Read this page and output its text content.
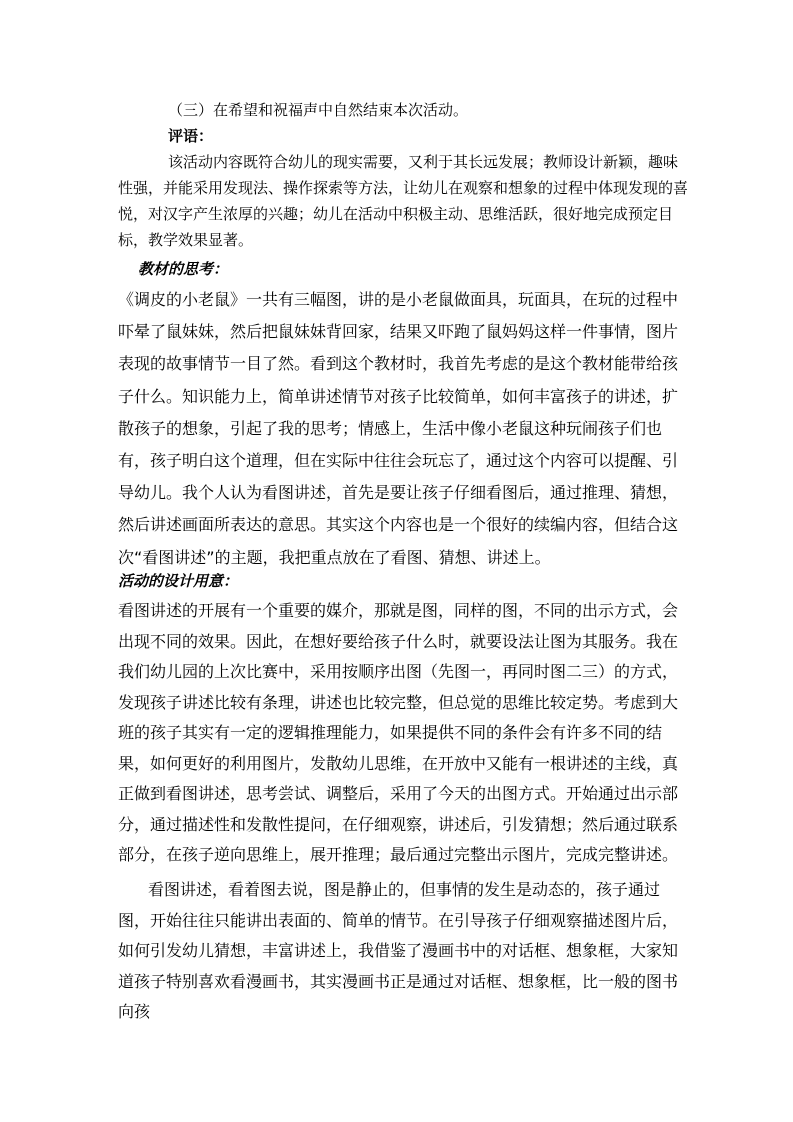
（三）在希望和祝福声中自然结束本次活动。

评语：

该活动内容既符合幼儿的现实需要，又利于其长远发展；教师设计新颖，趣味性强，并能采用发现法、操作探索等方法，让幼儿在观察和想象的过程中体现发现的喜悦，对汉字产生浓厚的兴趣；幼儿在活动中积极主动、思维活跃，很好地完成预定目标，教学效果显著。

教材的思考：

《调皮的小老鼠》一共有三幅图，讲的是小老鼠做面具，玩面具，在玩的过程中吓晕了鼠妹妹，然后把鼠妹妹背回家，结果又吓跑了鼠妈妈这样一件事情，图片表现的故事情节一目了然。看到这个教材时，我首先考虑的是这个教材能带给孩子什么。知识能力上，简单讲述情节对孩子比较简单，如何丰富孩子的讲述，扩散孩子的想象，引起了我的思考；情感上，生活中像小老鼠这种玩闹孩子们也有，孩子明白这个道理，但在实际中往往会玩忘了，通过这个内容可以提醒、引导幼儿。我个人认为看图讲述，首先是要让孩子仔细看图后，通过推理、猜想，然后讲述画面所表达的意思。其实这个内容也是一个很好的续编内容，但结合这次“看图讲述”的主题，我把重点放在了看图、猜想、讲述上。

活动的设计用意：

看图讲述的开展有一个重要的媒介，那就是图，同样的图，不同的出示方式，会出现不同的效果。因此，在想好要给孩子什么时，就要设法让图为其服务。我在我们幼儿园的上次比赛中，采用按顺序出图（先图一，再同时图二三）的方式，发现孩子讲述比较有条理，讲述也比较完整，但总觉的思维比较定势。考虑到大班的孩子其实有一定的逻辑推理能力，如果提供不同的条件会有许多不同的结果，如何更好的利用图片，发散幼儿思维，在开放中又能有一根讲述的主线，真正做到看图讲述，思考尝试、调整后，采用了今天的出图方式。开始通过出示部分，通过描述性和发散性提问，在仔细观察，讲述后，引发猜想；然后通过联系部分，在孩子逆向思维上，展开推理；最后通过完整出示图片，完成完整讲述。

看图讲述，看着图去说，图是静止的，但事情的发生是动态的，孩子通过图，开始往往只能讲出表面的、简单的情节。在引导孩子仔细观察描述图片后，如何引发幼儿猜想，丰富讲述上，我借鉴了漫画书中的对话框、想象框，大家知道孩子特别喜欢看漫画书，其实漫画书正是通过对话框、想象框，比一般的图书向孩
